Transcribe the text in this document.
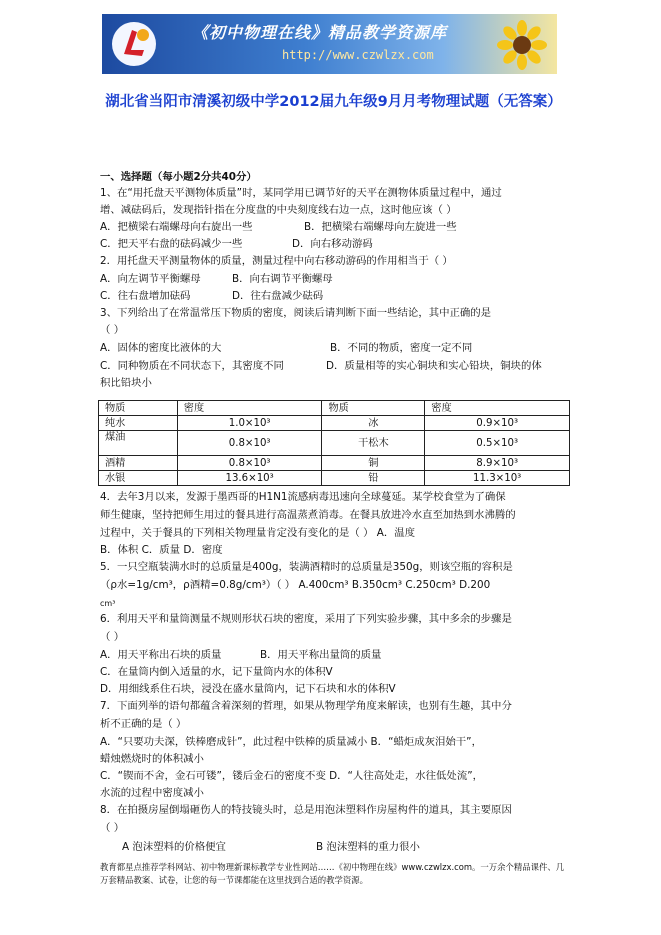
《初中物理在线》精品教学资源库
http://www.czwlzx.com
湖北省当阳市清溪初级中学2012届九年级9月月考物理试题（无答案）
一、选择题（每小题2分共40分）
1、在“用托盘天平测物体质量”时，某同学用已调节好的天平在测物体质量过程中，通过
增、减砝码后，发现指针指在分度盘的中央刻度线右边一点，这时他应该（ ）
A．把横梁右端螺母向右旋出一些	B．把横梁右端螺母向左旋进一些
C．把天平右盘的砝码减少一些	D．向右移动游码
2．用托盘天平测量物体的质量，测量过程中向右移动游码的作用相当于（ ）
A．向左调节平衡螺母	B．向右调节平衡螺母
C．往右盘增加砝码	D．往右盘减少砝码
3、下列给出了在常温常压下物质的密度，阅读后请判断下面一些结论，其中正确的是
（ ）
A．固体的密度比液体的大	B．不同的物质，密度一定不同
C．同种物质在不同状态下，其密度不同	D．质量相等的实心铜块和实心铅块，铜块的体
积比铅块小
物质	密度	物质	密度
纯水	1.0×10³	冰	0.9×10³
煤油	0.8×10³	干松木	0.5×10³
酒精	0.8×10³	铜	8.9×10³
水银	13.6×10³	铅	11.3×10³
4．去年3月以来，发源于墨西哥的H1N1流感病毒迅速向全球蔓延。某学校食堂为了确保
师生健康，坚持把师生用过的餐具进行高温蒸煮消毒。在餐具放进冷水直至加热到水沸腾的
过程中，关于餐具的下列相关物理量肯定没有变化的是（ ） A．温度
B．体积 C．质量 D．密度
5．一只空瓶装满水时的总质量是400g，装满酒精时的总质量是350g，则该空瓶的容积是
（ρ水=1g/cm³，ρ酒精=0.8g/cm³）（ ） A.400cm³ B.350cm³ C.250cm³ D.200
cm³
6．利用天平和量筒测量不规则形状石块的密度，采用了下列实验步骤，其中多余的步骤是
（ ）
A．用天平称出石块的质量	B．用天平称出量筒的质量
C．在量筒内倒入适量的水，记下量筒内水的体积V
D．用细线系住石块，浸没在盛水量筒内，记下石块和水的体积V
7．下面列举的语句都蕴含着深刻的哲理，如果从物理学角度来解读，也别有生趣，其中分
析不正确的是（ ）
A．“只要功夫深，铁棒磨成针”，此过程中铁棒的质量减小 B．“蜡炬成灰泪始干”，
蜡烛燃烧时的体积减小
C．“锲而不舍，金石可镂”，镂后金石的密度不变 D．“人往高处走，水往低处流”，
水流的过程中密度减小
8．在拍摄房屋倒塌砸伤人的特技镜头时，总是用泡沫塑料作房屋构件的道具，其主要原因
（ ）
A 泡沫塑料的价格便宜	B 泡沫塑料的重力很小
教育都星点推荐学科网站、初中物理新课标教学专业性网站……《初中物理在线》www.czwlzx.com。一万余个精品课件、几万套精品教案、试卷，让您的每一节课都能在这里找到合适的教学资源。
